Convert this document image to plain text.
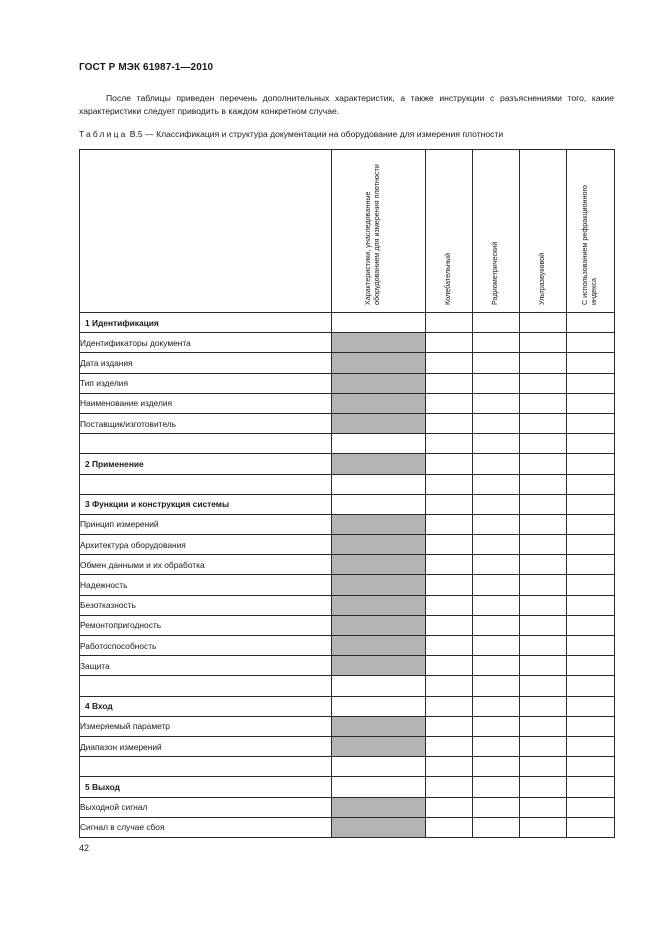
ГОСТ Р МЭК 61987-1—2010

После таблицы приведен перечень дополнительных характеристик, а также инструкции с разъяснениями того, какие характеристики следует приводить в каждом конкретном случае.

Таблица В.5 — Классификация и структура документации на оборудование для измерения плотности

	Характеристики, унаследованные оборудованием для измерения плотности	Колебательный	Радиометрический	Ультразвуковой	С использованием рефракционного индекса

1 Идентификация					
Идентификаторы документа					
Дата издания					
Тип изделия					
Наименование изделия					
Поставщик/изготовитель					

2 Применение					

3 Функции и конструкция системы					
Принцип измерений					
Архитектура оборудования					
Обмен данными и их обработка					
Надежность					
Безотказность					
Ремонтопригодность					
Работоспособность					
Защита					

4 Вход					
Измеряемый параметр					
Диапазон измерений					

5 Выход					
Выходной сигнал					
Сигнал в случае сбоя					
42
